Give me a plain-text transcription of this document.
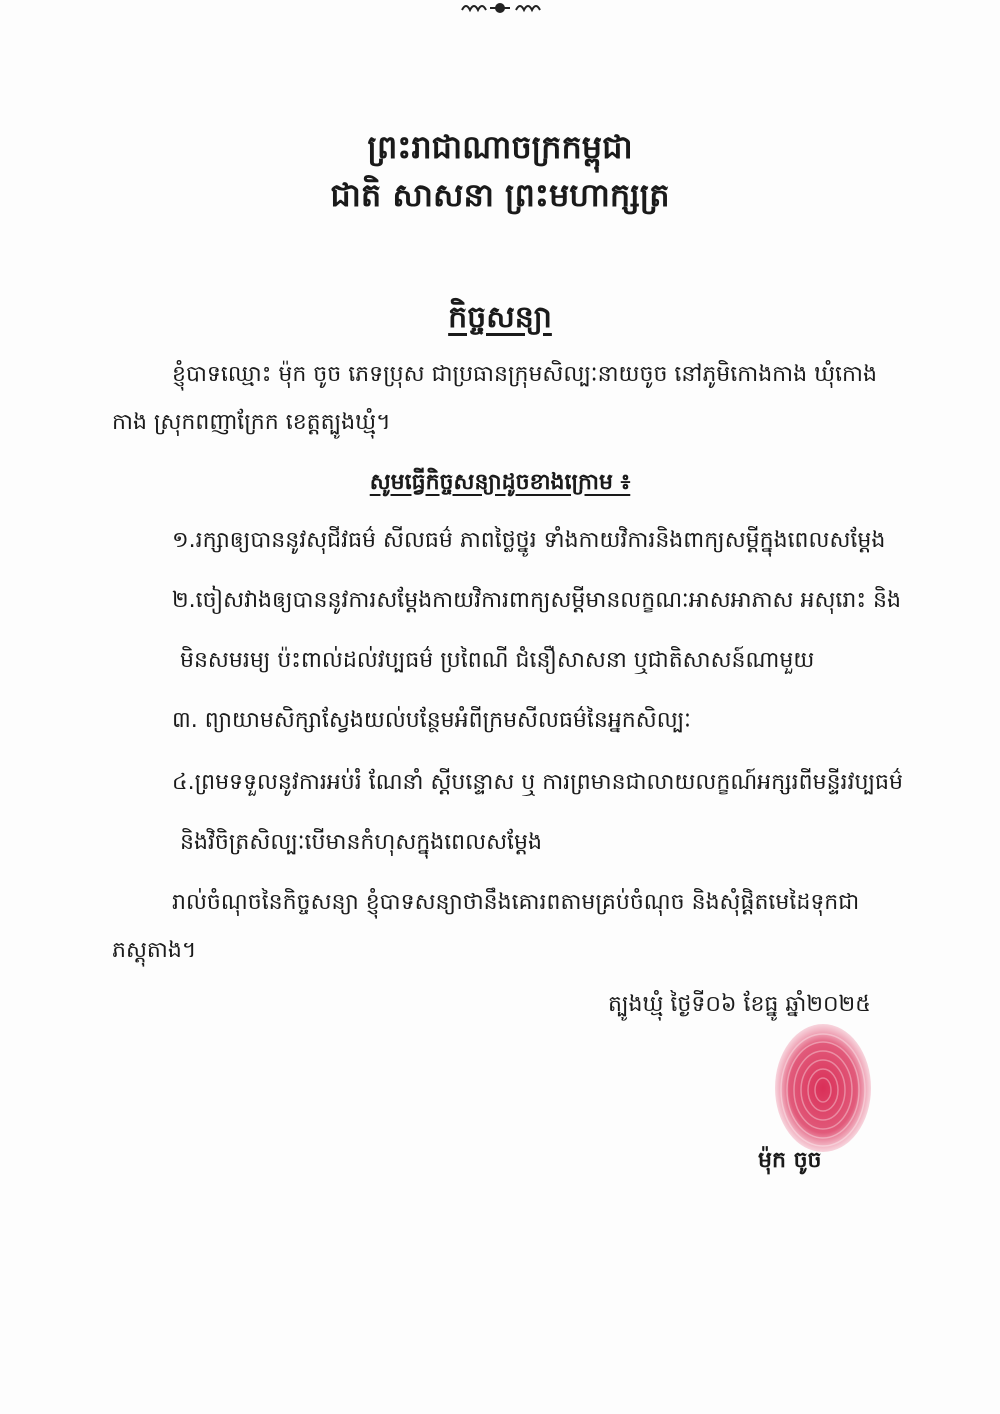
ព្រះរាជាណាចក្រកម្ពុជា
ជាតិ សាសនា ព្រះមហាក្សត្រ
កិច្ចសន្យា
ខ្ញុំបាទឈ្មោះ ម៉ុក ចូច ភេទប្រុស ជាប្រធានក្រុមសិល្បៈនាយចូច នៅភូមិកោងកាង ឃុំកោង
កាង ស្រុកពញាក្រែក ខេត្តត្បូងឃ្មុំ។
សូមធ្វើកិច្ចសន្យាដូចខាងក្រោម ៖
១.រក្សាឲ្យបាននូវសុជីវធម៌ សីលធម៌ ភាពថ្លៃថ្នូរ ទាំងកាយវិការនិងពាក្យសម្តីក្នុងពេលសម្តែង
២.ចៀសវាងឲ្យបាននូវការសម្តែងកាយវិការពាក្យសម្តីមានលក្ខណៈអាសអាភាស អសុរោះ និង
មិនសមរម្យ ប៉ះពាល់ដល់វប្បធម៌ ប្រពៃណី ជំនឿសាសនា ឬជាតិសាសន៍ណាមួយ
៣. ព្យាយាមសិក្សាស្វែងយល់បន្ថែមអំពីក្រមសីលធម៌នៃអ្នកសិល្បៈ
៤.ព្រមទទួលនូវការអប់រំ ណែនាំ ស្តីបន្ទោស ឬ ការព្រមានជាលាយលក្ខណ៍អក្សរពីមន្ទីរវប្បធម៌
និងវិចិត្រសិល្បៈបើមានកំហុសក្នុងពេលសម្តែង
រាល់ចំណុចនៃកិច្ចសន្យា ខ្ញុំបាទសន្យាថានឹងគោរពតាមគ្រប់ចំណុច និងសុំផ្តិតមេដៃទុកជា
ភស្តុតាង។
ត្បូងឃ្មុំ ថ្ងៃទី០៦ ខែធ្នូ ឆ្នាំ២០២៥
ម៉ុក ចូច
